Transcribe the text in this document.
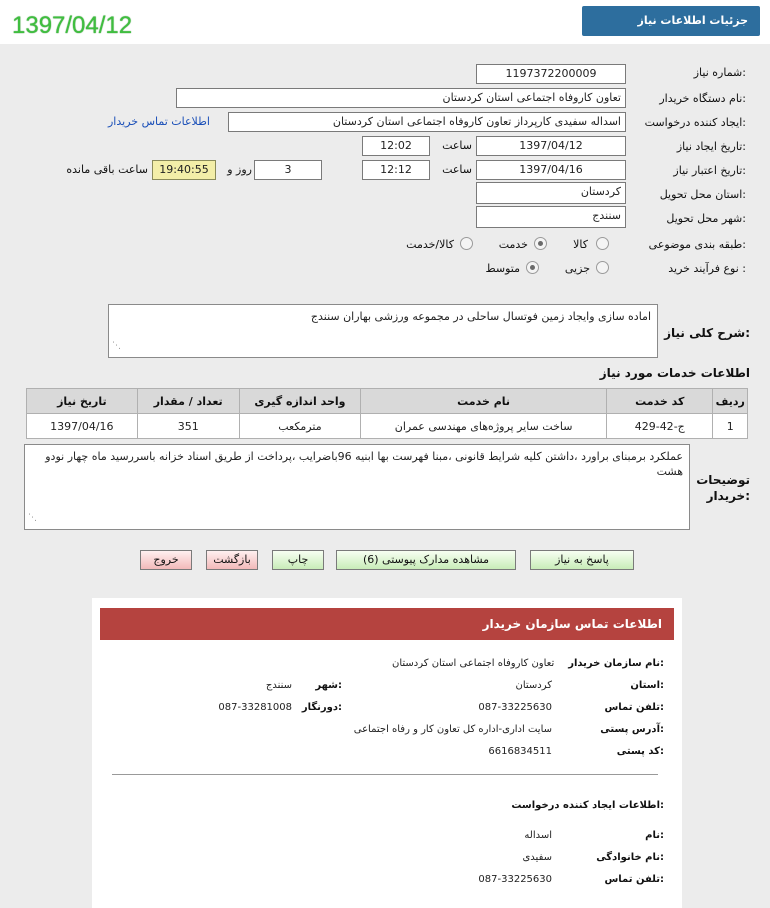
1397/04/12	جزئیات اطلاعات نیاز
شماره نیاز:
1197372200009
نام دستگاه خریدار:
تعاون کاروفاه اجتماعی استان کردستان
ایجاد کننده درخواست:
اسداله سفیدی کارپرداز تعاون کاروفاه اجتماعی استان کردستان
اطلاعات تماس خریدار
تاریخ ایجاد نیاز:
1397/04/12
ساعت
12:02
تاریخ اعتبار نیاز:
1397/04/16
ساعت
12:12
3
روز و
19:40:55
ساعت باقی مانده
استان محل تحویل:
کردستان
شهر محل تحویل:
سنندج
طبقه بندی موضوعی:
کالا
خدمت
کالا/خدمت
نوع فرآیند خرید :
جزیی
متوسط
شرح کلی نیاز:
اماده سازی وایجاد زمین فوتسال ساحلی در مجموعه ورزشی بهاران سنندج
⋰
اطلاعات خدمات مورد نیاز
ردیف	کد خدمت	نام خدمت	واحد اندازه گیری	تعداد / مقدار	تاریخ نیاز
1	ج-42-429	ساخت سایر پروژه‌های مهندسی عمران	مترمکعب	351	1397/04/16
توضیحات
خریدار:
عملکرد برمبنای براورد ،داشتن کلیه شرایط قانونی ،مبنا فهرست بها ابنیه 96باضرایب ،پرداخت از طریق اسناد خزانه باسررسید ماه چهار نودو هشت
⋰
پاسخ به نیاز
مشاهده مدارک پیوستی (6)
چاپ
بازگشت
خروج
اطلاعات تماس سازمان خریدار
نام سازمان خریدار:
تعاون کاروفاه اجتماعی استان کردستان
استان:
کردستان
شهر:
سنندج
تلفن تماس:
087-33225630
دورنگار:
087-33281008
آدرس پستی:
سایت اداری-اداره کل تعاون کار و رفاه اجتماعی
کد پستی:
6616834511
اطلاعات ایجاد کننده درخواست:
نام:
اسداله
نام خانوادگی:
سفیدی
تلفن تماس:
087-33225630
